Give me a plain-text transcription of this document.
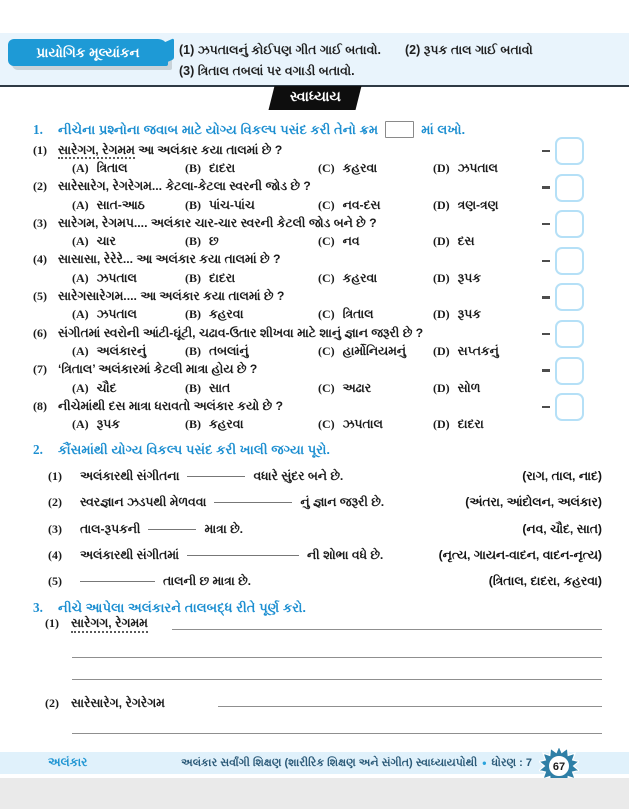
પ્રાયોગિક મૂલ્યાંકન	(1) ઝપતાલનું કોઈપણ ગીત ગાઈ બતાવો. (2) રૂપક તાલ ગાઈ બતાવો
(3) ત્રિતાલ તબલાં પર વગાડી બતાવો.
સ્વાધ્યાય
1.	નીચેના પ્રશ્નોના જવાબ માટે યોગ્ય વિકલ્પ પસંદ કરી તેનો ક્રમ	માં લખો.
(1) સારેગગ, રેગમમ આ અલંકાર કયા તાલમાં છે ?
(A) ત્રિતાલ	(B) દાદરા	(C) કહરવા	(D) ઝપતાલ
(2) સારેસારેગ, રેગરેગમ... કેટલા-કેટલા સ્વરની જોડ છે ?
(A) સાત-આઠ	(B) પાંચ-પાંચ	(C) નવ-દસ	(D) ત્રણ-ત્રણ
(3) સારેગમ, રેગમપ.... અલંકાર ચાર-ચાર સ્વરની કેટલી જોડ બને છે ?
(A) ચાર	(B) છ	(C) નવ	(D) દસ
(4) સાસાસા, રેરેરે... આ અલંકાર કયા તાલમાં છે ?
(A) ઝપતાલ	(B) દાદરા	(C) કહરવા	(D) રૂપક
(5) સારેગસારેગમ.... આ અલંકાર કયા તાલમાં છે ?
(A) ઝપતાલ	(B) કહરવા	(C) ત્રિતાલ	(D) રૂપક
(6) સંગીતમાં સ્વરોની આંટી-ઘૂંટી, ચઢાવ-ઉતાર શીખવા માટે શાનું જ્ઞાન જરૂરી છે ?
(A) અલંકારનું	(B) તબલાંનું	(C) હાર્મોનિયમનું (D) સપ્તકનું
(7) ‘ત્રિતાલ’ અલંકારમાં કેટલી માત્રા હોય છે ?
(A) ચૌદ	(B) સાત	(C) અઢાર	(D) સોળ
(8) નીચેમાંથી દસ માત્રા ધરાવતો અલંકાર કયો છે ?
(A) રૂપક	(B) કહરવા	(C) ઝપતાલ	(D) દાદરા
2.	કૌંસમાંથી યોગ્ય વિકલ્પ પસંદ કરી ખાલી જગ્યા પૂરો.
(1)	અલંકારથી સંગીતના	વધારે સુંદર બને છે.	(રાગ, તાલ, નાદ)
(2)	સ્વરજ્ઞાન ઝડપથી મેળવવા	નું જ્ઞાન જરૂરી છે.	(અંતરા, આંદોલન, અલંકાર)
(3)	તાલ-રૂપકની	માત્રા છે.	(નવ, ચૌદ, સાત)
(4)	અલંકારથી સંગીતમાં	ની શોભા વધે છે.	(નૃત્ય, ગાયન-વાદન, વાદન-નૃત્ય)
(5)	તાલની છ માત્રા છે.	(ત્રિતાલ, દાદરા, કહરવા)
3.	નીચે આપેલા અલંકારને તાલબદ્ધ રીતે પૂર્ણ કરો.
(1) સારેગગ, રેગમમ
(2) સારેસારેગ, રેગરેગમ
અલંકાર	અલંકાર સર્વાંગી શિક્ષણ (શારીરિક શિક્ષણ અને સંગીત) સ્વાધ્યાયપોથી • ધોરણ : 7 67
